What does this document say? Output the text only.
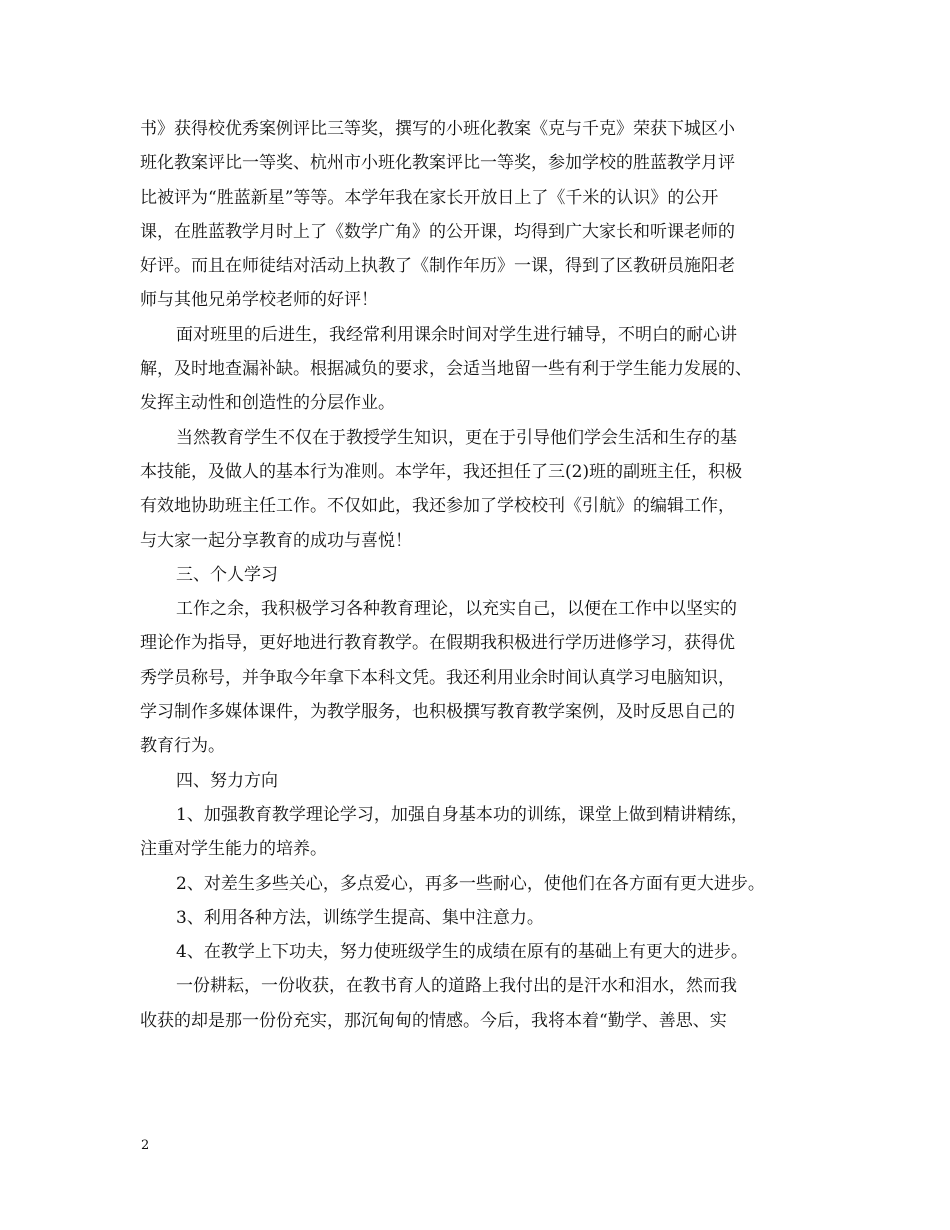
书》获得校优秀案例评比三等奖，撰写的小班化教案《克与千克》荣获下城区小
班化教案评比一等奖、杭州市小班化教案评比一等奖，参加学校的胜蓝教学月评
比被评为“胜蓝新星”等等。本学年我在家长开放日上了《千米的认识》的公开
课，在胜蓝教学月时上了《数学广角》的公开课，均得到广大家长和听课老师的
好评。而且在师徒结对活动上执教了《制作年历》一课，得到了区教研员施阳老
师与其他兄弟学校老师的好评！
面对班里的后进生，我经常利用课余时间对学生进行辅导，不明白的耐心讲
解，及时地查漏补缺。根据减负的要求，会适当地留一些有利于学生能力发展的、
发挥主动性和创造性的分层作业。
当然教育学生不仅在于教授学生知识，更在于引导他们学会生活和生存的基
本技能，及做人的基本行为准则。本学年，我还担任了三(2)班的副班主任，积极
有效地协助班主任工作。不仅如此，我还参加了学校校刊《引航》的编辑工作，
与大家一起分享教育的成功与喜悦！
三、个人学习
工作之余，我积极学习各种教育理论，以充实自己，以便在工作中以坚实的
理论作为指导，更好地进行教育教学。在假期我积极进行学历进修学习，获得优
秀学员称号，并争取今年拿下本科文凭。我还利用业余时间认真学习电脑知识，
学习制作多媒体课件，为教学服务，也积极撰写教育教学案例，及时反思自己的
教育行为。
四、努力方向
1、加强教育教学理论学习，加强自身基本功的训练，课堂上做到精讲精练，
注重对学生能力的培养。
2、对差生多些关心，多点爱心，再多一些耐心，使他们在各方面有更大进步。
3、利用各种方法，训练学生提高、集中注意力。
4、在教学上下功夫，努力使班级学生的成绩在原有的基础上有更大的进步。
一份耕耘，一份收获，在教书育人的道路上我付出的是汗水和泪水，然而我
收获的却是那一份份充实，那沉甸甸的情感。今后，我将本着“勤学、善思、实
2
